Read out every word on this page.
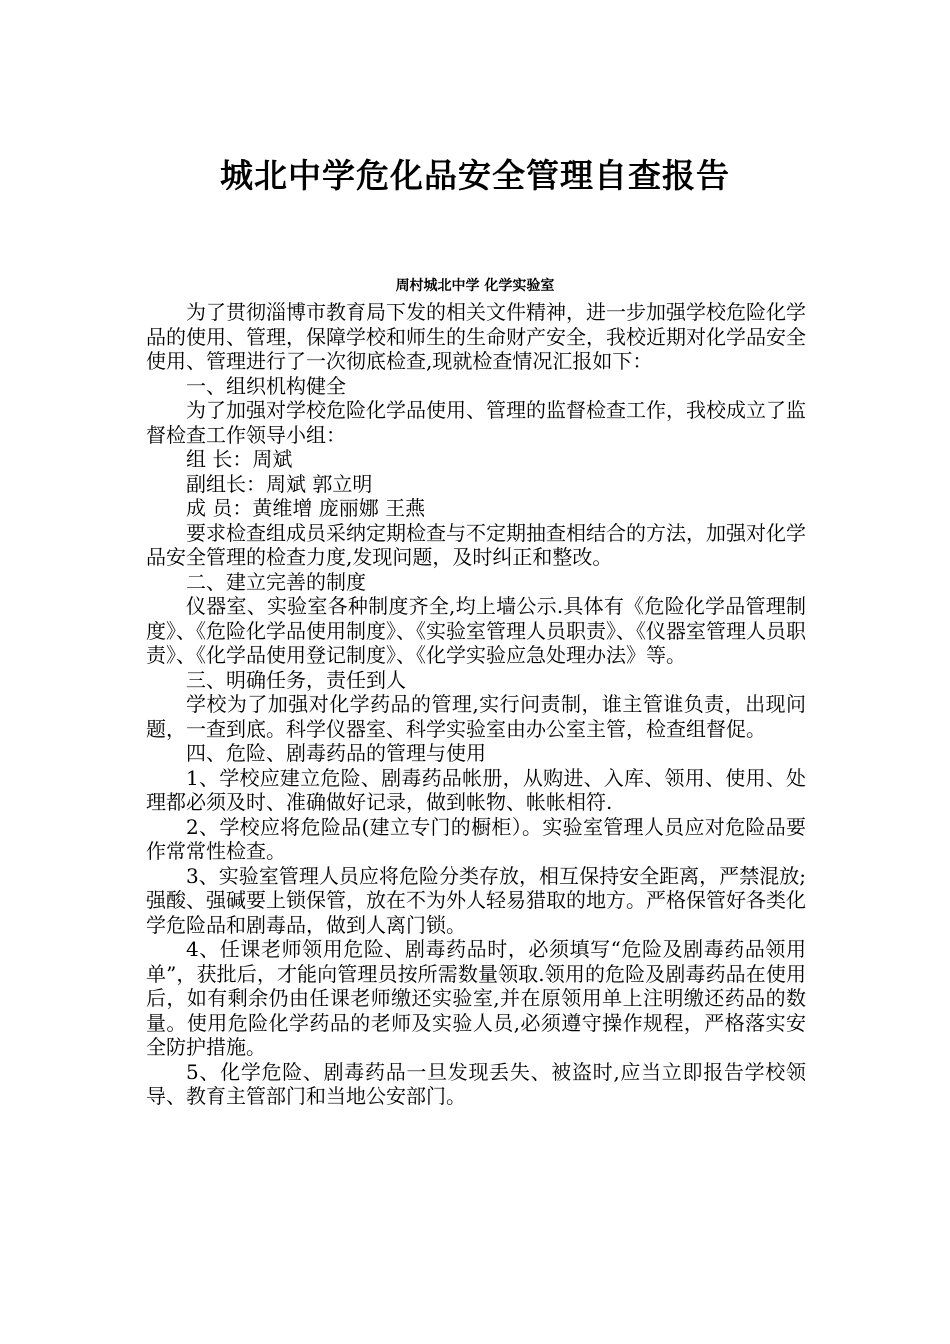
城北中学危化品安全管理自查报告
周村城北中学 化学实验室

为了贯彻淄博市教育局下发的相关文件精神，进一步加强学校危险化学品的使用、管理，保障学校和师生的生命财产安全，我校近期对化学品安全使用、管理进行了一次彻底检查,现就检查情况汇报如下：

一、组织机构健全

为了加强对学校危险化学品使用、管理的监督检查工作，我校成立了监督检查工作领导小组：

组 长：周斌

副组长：周斌 郭立明

成 员：黄维增 庞丽娜 王燕

要求检查组成员采纳定期检查与不定期抽查相结合的方法，加强对化学品安全管理的检查力度,发现问题，及时纠正和整改。

二、建立完善的制度

仪器室、实验室各种制度齐全,均上墙公示.具体有《危险化学品管理制度》、《危险化学品使用制度》、《实验室管理人员职责》、《仪器室管理人员职责》、《化学品使用登记制度》、《化学实验应急处理办法》等。

三、明确任务，责任到人

学校为了加强对化学药品的管理,实行问责制，谁主管谁负责，出现问题，一查到底。科学仪器室、科学实验室由办公室主管，检查组督促。

四、危险、剧毒药品的管理与使用

1、学校应建立危险、剧毒药品帐册，从购进、入库、领用、使用、处理都必须及时、准确做好记录，做到帐物、帐帐相符.

2、学校应将危险品(建立专门的橱柜）。实验室管理人员应对危险品要作常常性检查。

3、实验室管理人员应将危险分类存放，相互保持安全距离，严禁混放;强酸、强碱要上锁保管，放在不为外人轻易猎取的地方。严格保管好各类化学危险品和剧毒品，做到人离门锁。

4、任课老师领用危险、剧毒药品时，必须填写“危险及剧毒药品领用单”，获批后，才能向管理员按所需数量领取.领用的危险及剧毒药品在使用后，如有剩余仍由任课老师缴还实验室,并在原领用单上注明缴还药品的数量。使用危险化学药品的老师及实验人员,必须遵守操作规程，严格落实安全防护措施。

5、化学危险、剧毒药品一旦发现丢失、被盗时,应当立即报告学校领导、教育主管部门和当地公安部门。
